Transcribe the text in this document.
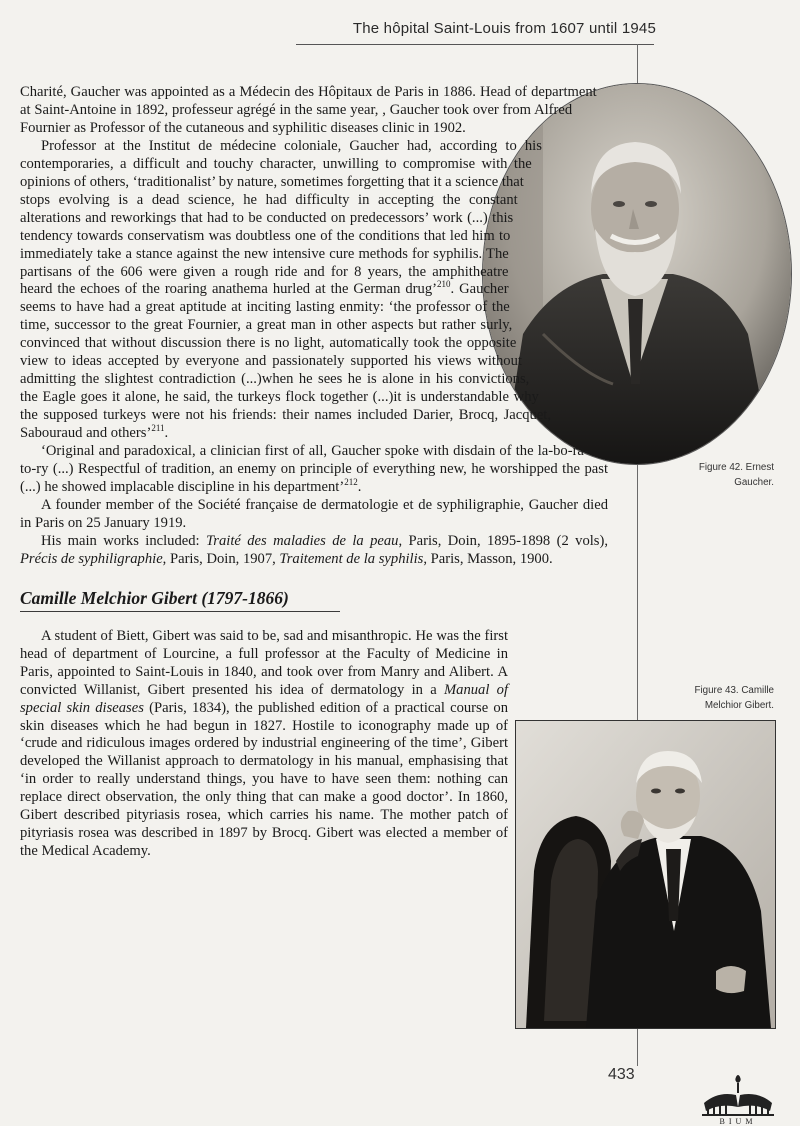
The hôpital Saint-Louis from 1607 until 1945

Charité, Gaucher was appointed as a Médecin des Hôpitaux de Paris in 1886. Head of department at Saint-Antoine in 1892, professeur agrégé in the same year, , Gaucher took over from Alfred Fournier as Professor of the cutaneous and syphilitic diseases clinic in 1902.

Professor at the Institut de médecine coloniale, Gaucher had, according to his contemporaries, a difficult and touchy character, unwilling to compromise with the opinions of others, ‘traditionalist’ by nature, sometimes forgetting that it a science that stops evolving is a dead science, he had difficulty in accepting the constant alterations and reworkings that had to be conducted on predecessors’ work (...) this tendency towards conservatism was doubtless one of the conditions that led him to immediately take a stance against the new intensive cure methods for syphilis. The partisans of the 606 were given a rough ride and for 8 years, the amphitheatre heard the echoes of the roaring anathema hurled at the German drug’$^{210}$. Gaucher seems to have had a great aptitude at inciting lasting enmity: ‘the professor of the time, successor to the great Fournier, a great man in other aspects but rather surly, convinced that without discussion there is no light, automatically took the opposite view to ideas accepted by everyone and passionately supported his views without admitting the slightest contradiction (...)when he sees he is alone in his convictions, the Eagle goes it alone, he said, the turkeys flock together (...)it is understandable why the supposed turkeys were not his friends: their names included Darier, Brocq, Jacquet, Sabouraud and others’$^{211}$.

‘Original and paradoxical, a clinician first of all, Gaucher spoke with disdain of the la-bo-ra-to-ry (...) Respectful of tradition, an enemy on principle of everything new, he worshipped the past (...) he showed implacable discipline in his department’$^{212}$.

A founder member of the Société française de dermatologie et de syphiligraphie, Gaucher died in Paris on 25 January 1919.

His main works included: Traité des maladies de la peau, Paris, Doin, 1895-1898 (2 vols), Précis de syphiligraphie, Paris, Doin, 1907, Traitement de la syphilis, Paris, Masson, 1900.

Camille Melchior Gibert (1797-1866)

A student of Biett, Gibert was said to be, sad and misanthropic. He was the first head of department of Lourcine, a full professor at the Faculty of Medicine in Paris, appointed to Saint-Louis in 1840, and took over from Manry and Alibert. A convicted Willanist, Gibert presented his idea of dermatology in a Manual of special skin diseases (Paris, 1834), the published edition of a practical course on skin diseases which he had begun in 1827. Hostile to iconography made up of ‘crude and ridiculous images ordered by industrial engineering of the time’, Gibert developed the Willanist approach to dermatology in his manual, emphasising that ‘in order to really understand things, you have to have seen them: nothing can replace direct observation, the only thing that can make a good doctor’. In 1860, Gibert described pityriasis rosea, which carries his name. The mother patch of pityriasis rosea was described in 1897 by Brocq. Gibert was elected a member of the Medical Academy.

Figure 42. Ernest Gaucher.
Figure 43. Camille Melchior Gibert.
433
BIUM
